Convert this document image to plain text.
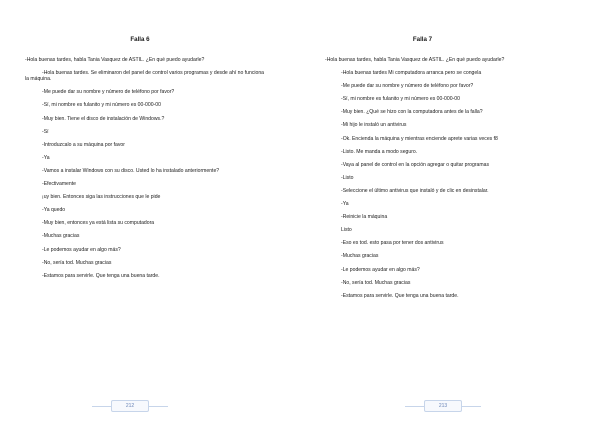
Falla 6

-Hola buenas tardes, habla Tania Vasquez de ASTIL. ¿En qué puedo ayudarle?

-Hola buenas tardes. Se eliminaron del panel de control varios programas y desde ahí no funciona la máquina.

-Me puede dar su nombre y número de teléfono por favor?

-Sí, mi nombre es fulanito y mi número es 00-000-00

-Muy bien. Tiene el disco de instalación de Windows.?

-Sí

-Introduzcalo a su máquina por favor

-Ya

-Vamos a instalar Windows con su disco. Usted lo ha instalado anteriormente?

-Efectivamente

¡uy bien. Entonces siga las instrucciones que le pide

-Ya quedo

-Muy bien, entonces ya está lista su computadora

-Muchas gracias

-Le podemos ayudar en algo más?

-No, sería tod. Muchas gracias

-Estamos para servirle. Que tenga una buena tarde.

212
Falla 7

-Hola buenas tardes, habla Tania Vasquez de ASTIL. ¿En qué puedo ayudarle?

-Hola buenas tardes Mi computadora arranca pero se congela

-Me puede dar su nombre y número de teléfono por favor?

-Sí, mi nombre es fulanito y mi número es 00-000-00

-Muy bien. ¿Qué se hizo con la computadora antes de la falla?

-Mi hijo le instaló un antivirus

-Ok. Encienda la máquina y mientras enciende aprete varias veces f8

-Listo. Me manda a modo seguro.

-Vaya al panel de control en la opción agregar o quitar programas

-Listo

-Seleccione el último antivirus que instaló y de clic en desinstalar.

-Ya

-Reinicie la máquina

Listo

-Eso es tod. esto pasa por tener dos antivirus

-Muchas gracias

-Le podemos ayudar en algo más?

-No, sería tod. Muchas gracias

-Estamos para servirle. Que tenga una buena tarde.

213
